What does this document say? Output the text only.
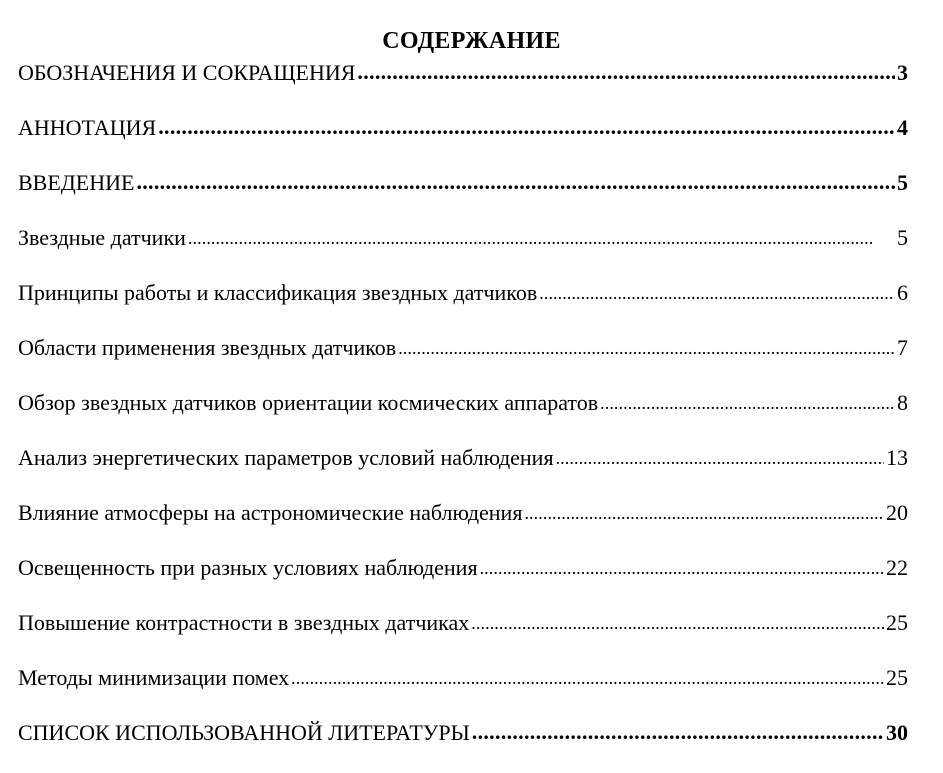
СОДЕРЖАНИЕ
ОБОЗНАЧЕНИЯ И СОКРАЩЕНИЯ . . .	3
АННОТАЦИЯ . . .	4
ВВЕДЕНИЕ . . .	5
Звездные датчики . . .	5
Принципы работы и классификация звездных датчиков . . .	6
Области применения звездных датчиков . . .	7
Обзор звездных датчиков ориентации космических аппаратов . . .	8
Анализ энергетических параметров условий наблюдения . . .	13
Влияние атмосферы на астрономические наблюдения . . .	20
Освещенность при разных условиях наблюдения . . .	22
Повышение контрастности в звездных датчиках . . .	25
Методы минимизации помех . . .	25
СПИСОК ИСПОЛЬЗОВАННОЙ ЛИТЕРАТУРЫ . . .	30
